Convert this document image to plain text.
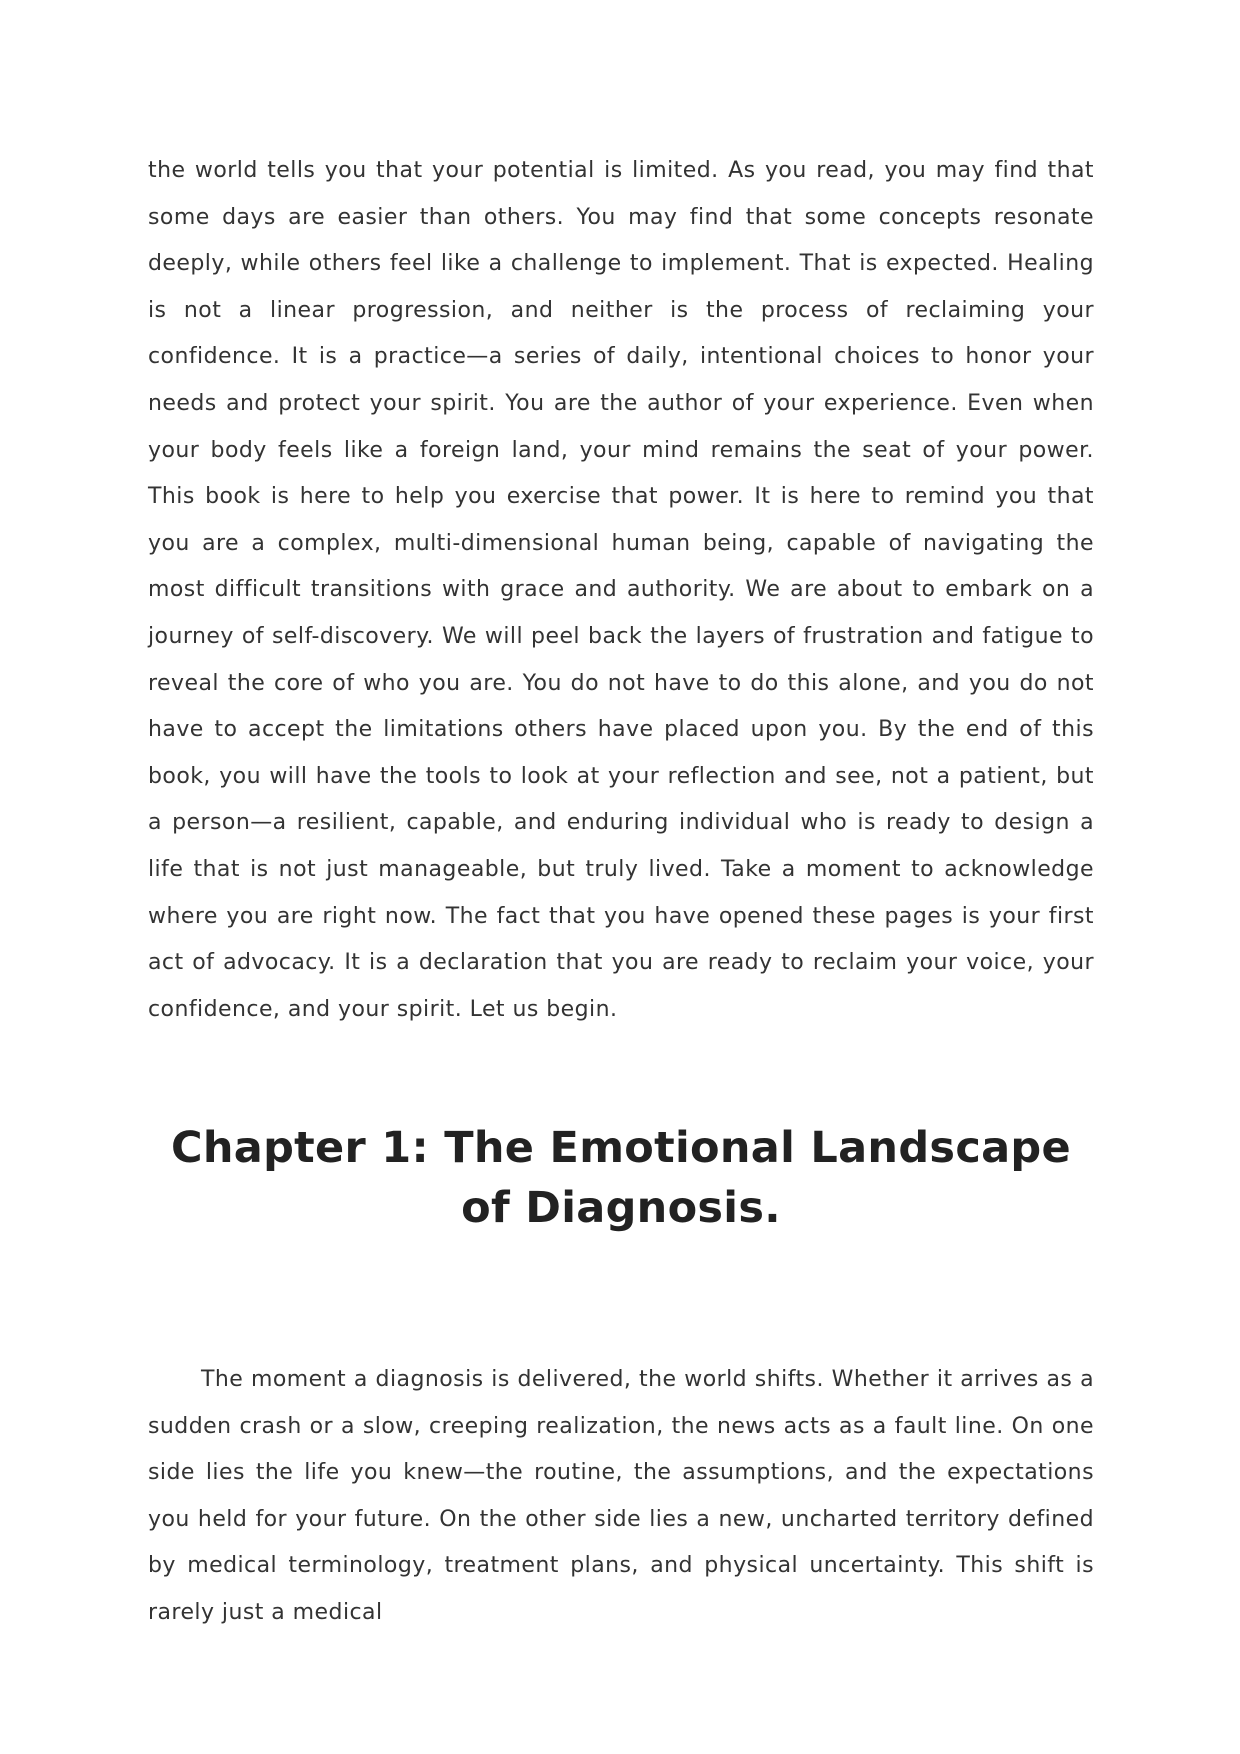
the world tells you that your potential is limited. As you read, you may find that some days are easier than others. You may find that some concepts resonate deeply, while others feel like a challenge to implement. That is expected. Healing is not a linear progression, and neither is the process of reclaiming your confidence. It is a practice—a series of daily, intentional choices to honor your needs and protect your spirit. You are the author of your experience. Even when your body feels like a foreign land, your mind remains the seat of your power. This book is here to help you exercise that power. It is here to remind you that you are a complex, multi-dimensional human being, capable of navigating the most difficult transitions with grace and authority. We are about to embark on a journey of self-discovery. We will peel back the layers of frustration and fatigue to reveal the core of who you are. You do not have to do this alone, and you do not have to accept the limitations others have placed upon you. By the end of this book, you will have the tools to look at your reflection and see, not a patient, but a person—a resilient, capable, and enduring individual who is ready to design a life that is not just manageable, but truly lived. Take a moment to acknowledge where you are right now. The fact that you have opened these pages is your first act of advocacy. It is a declaration that you are ready to reclaim your voice, your confidence, and your spirit. Let us begin.

Chapter 1: The Emotional Landscape of Diagnosis.

The moment a diagnosis is delivered, the world shifts. Whether it arrives as a sudden crash or a slow, creeping realization, the news acts as a fault line. On one side lies the life you knew—the routine, the assumptions, and the expectations you held for your future. On the other side lies a new, uncharted territory defined by medical terminology, treatment plans, and physical uncertainty. This shift is rarely just a medical
